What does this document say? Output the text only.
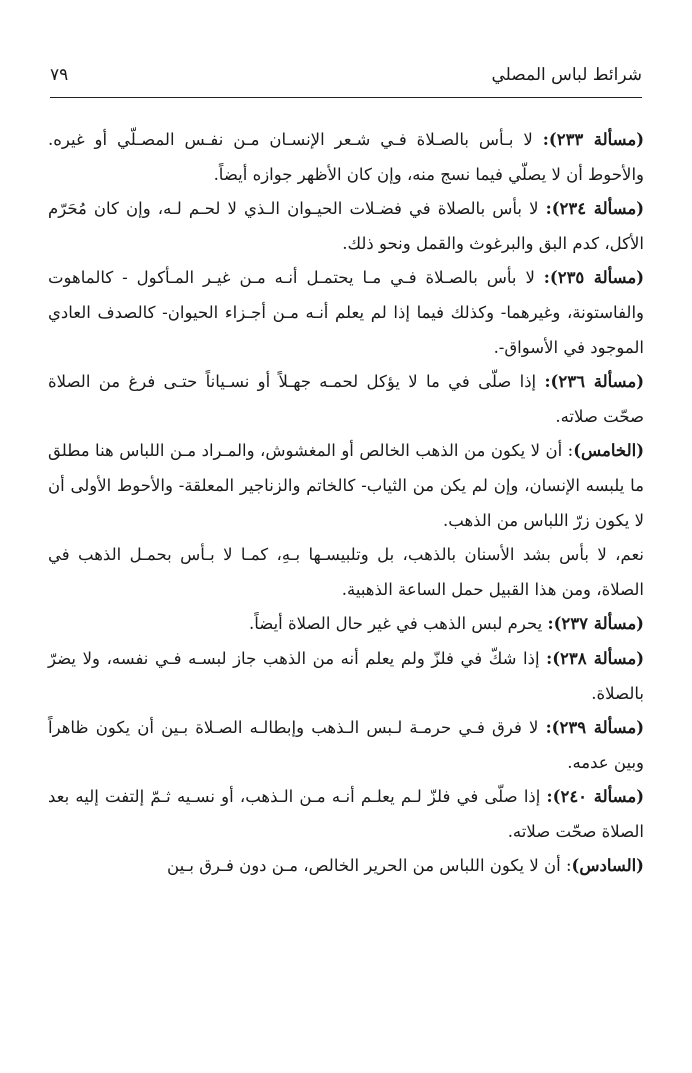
شرائط لباس المصلي
٧٩

(مسألة ٢٣٣): لا بـأس بالصـلاة فـي شـعر الإنسـان مـن نفـس المصـلّي أو غيره. والأحوط أن لا يصلّي فيما نسج منه، وإن كان الأظهر جوازه أيضاً.

(مسألة ٢٣٤): لا بأس بالصلاة في فضـلات الحيـوان الـذي لا لحـم لـه، وإن كان مُحَرّم الأكل، كدم البق والبرغوث والقمل ونحو ذلك.

(مسألة ٢٣٥): لا بأس بالصـلاة فـي مـا يحتمـل أنـه مـن غيـر المـأكول - كالماهوت والفاستونة، وغيرهما- وكذلك فيما إذا لم يعلم أنـه مـن أجـزاء الحيوان- كالصدف العادي الموجود في الأسواق-.

(مسألة ٢٣٦): إذا صلّى في ما لا يؤكل لحمـه جهـلاً أو نسـياناً حتـى فرغ من الصلاة صحّت صلاته.

(الخامس): أن لا يكون من الذهب الخالص أو المغشوش، والمـراد مـن اللباس هنا مطلق ما يلبسه الإنسان، وإن لم يكن من الثياب- كالخاتم والزناجير المعلقة- والأحوط الأولى أن لا يكون زرّ اللباس من الذهب.

نعم، لا بأس بشد الأسنان بالذهب، بل وتلبيسـها بـهِ، كمـا لا بـأس بحمـل الذهب في الصلاة، ومن هذا القبيل حمل الساعة الذهبية.

(مسألة ٢٣٧): يحرم لبس الذهب في غير حال الصلاة أيضاً.

(مسألة ٢٣٨): إذا شكّ في فلزّ ولم يعلم أنه من الذهب جاز لبسـه فـي نفسه، ولا يضرّ بالصلاة.

(مسألة ٢٣٩): لا فرق فـي حرمـة لـبس الـذهب وإبطالـه الصـلاة بـين أن يكون ظاهراً وبين عدمه.

(مسألة ٢٤٠): إذا صلّى في فلزّ لـم يعلـم أنـه مـن الـذهب، أو نسـيه ثـمّ إلتفت إليه بعد الصلاة صحّت صلاته.

(السادس): أن لا يكون اللباس من الحرير الخالص، مـن دون فـرق بـين
